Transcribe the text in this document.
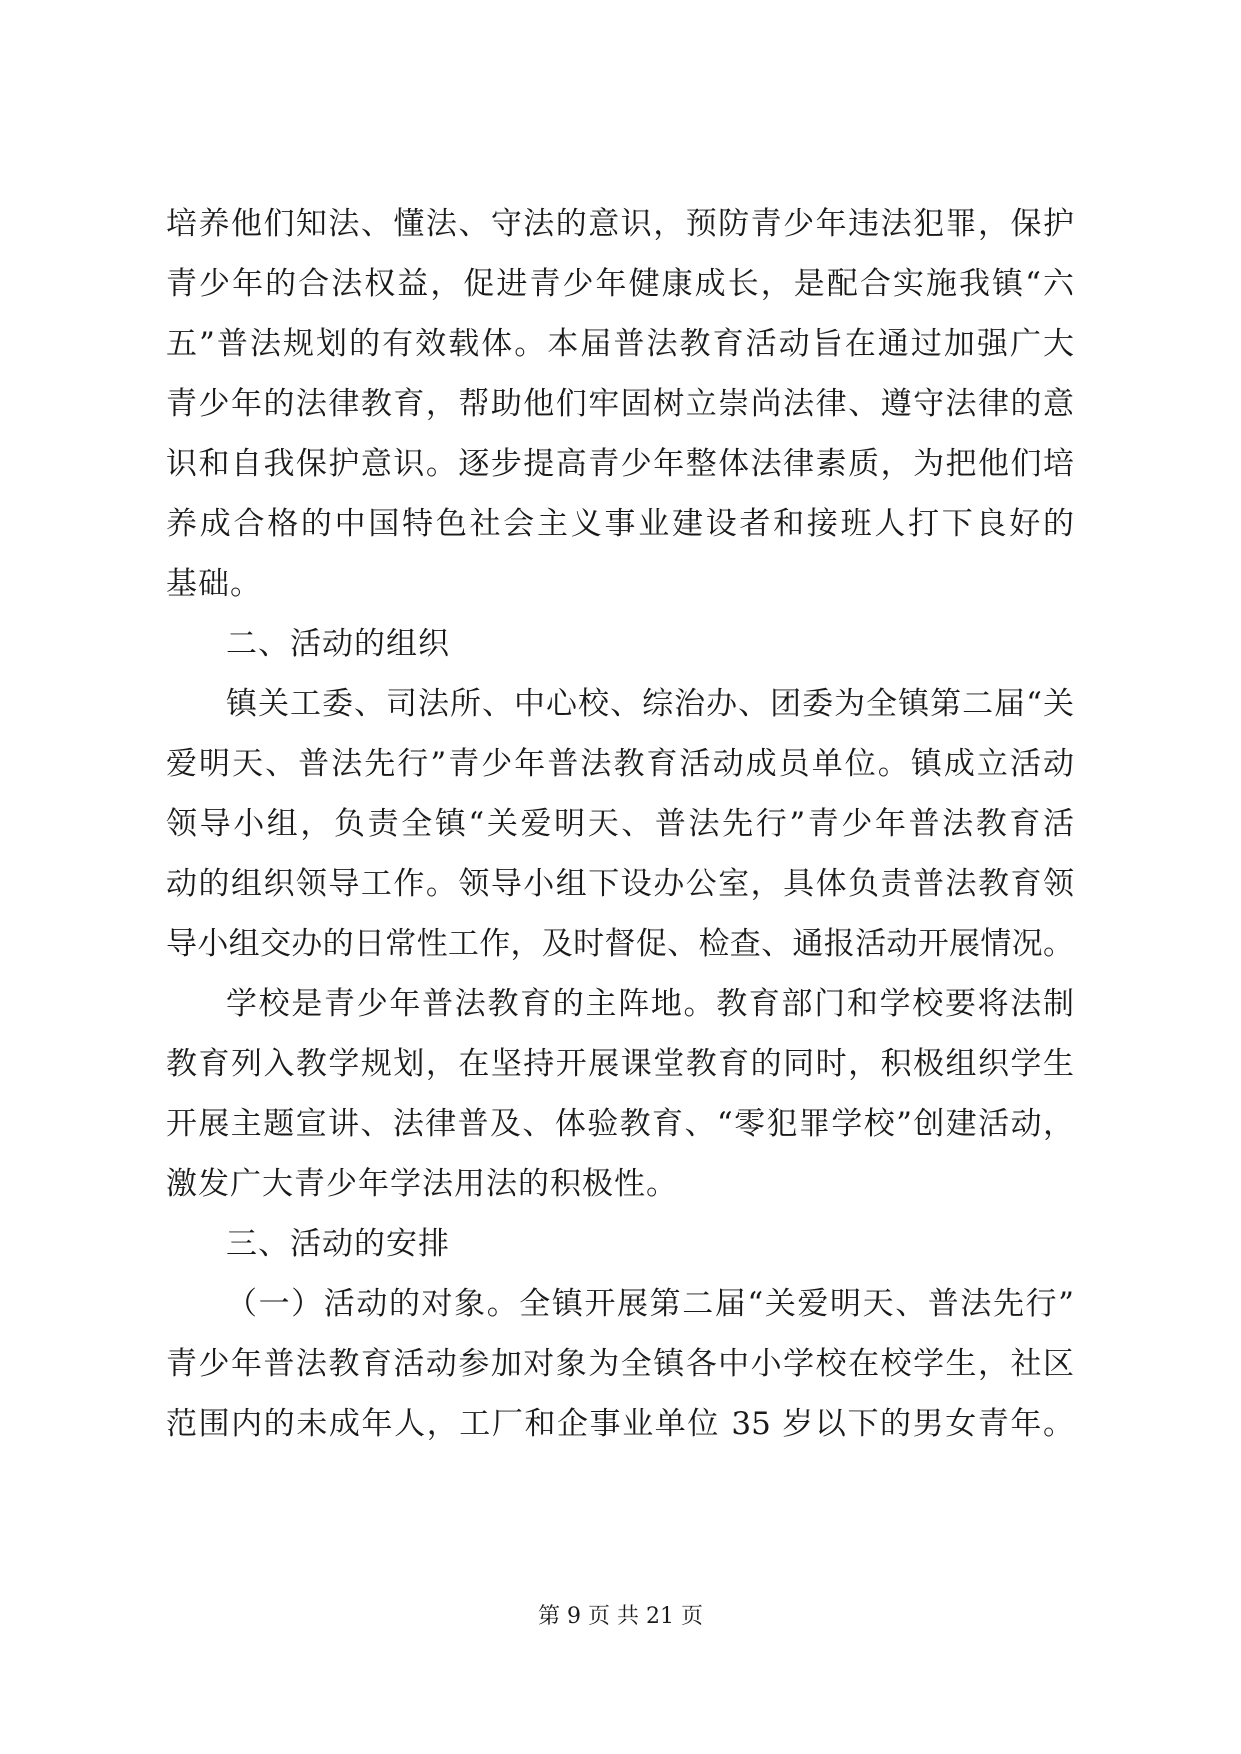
培养他们知法、懂法、守法的意识，预防青少年违法犯罪，保护
青少年的合法权益，促进青少年健康成长，是配合实施我镇“六
五”普法规划的有效载体。本届普法教育活动旨在通过加强广大
青少年的法律教育，帮助他们牢固树立崇尚法律、遵守法律的意
识和自我保护意识。逐步提高青少年整体法律素质，为把他们培
养成合格的中国特色社会主义事业建设者和接班人打下良好的
基础。
二、活动的组织
镇关工委、司法所、中心校、综治办、团委为全镇第二届“关
爱明天、普法先行”青少年普法教育活动成员单位。镇成立活动
领导小组，负责全镇“关爱明天、普法先行”青少年普法教育活
动的组织领导工作。领导小组下设办公室，具体负责普法教育领
导小组交办的日常性工作，及时督促、检查、通报活动开展情况。
学校是青少年普法教育的主阵地。教育部门和学校要将法制
教育列入教学规划，在坚持开展课堂教育的同时，积极组织学生
开展主题宣讲、法律普及、体验教育、“零犯罪学校”创建活动，
激发广大青少年学法用法的积极性。
三、活动的安排
（一）活动的对象。全镇开展第二届“关爱明天、普法先行”
青少年普法教育活动参加对象为全镇各中小学校在校学生，社区
范围内的未成年人，工厂和企事业单位 35 岁以下的男女青年。
第 9 页 共 21 页
